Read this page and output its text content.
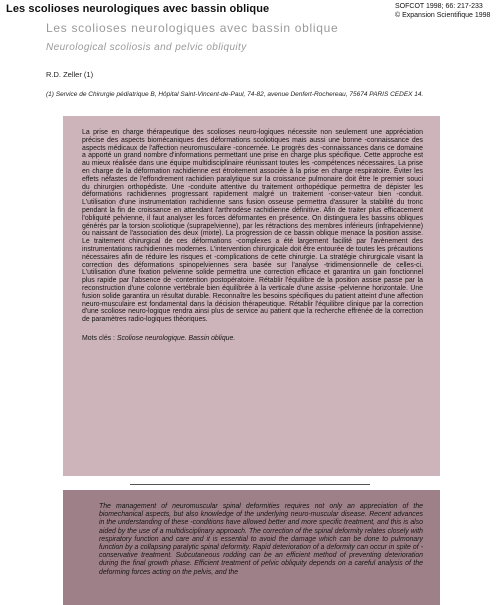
Les scolioses neurologiques avec bassin oblique	SOFCOT 1998; 66: 217-233
© Expansion Scientifique 1998
Les scolioses neurologiques avec bassin oblique
Neurological scoliosis and pelvic obliquity
R.D. Zeller (1)
(1) Service de Chirurgie pédiatrique B, Hôpital Saint-Vincent-de-Paul, 74-82, avenue Denfert-Rochereau, 75674 PARIS CEDEX 14.

La prise en charge thérapeutique des scolioses neuro-logiques nécessite non seulement une appréciation précise des aspects biomécaniques des déformations scoliotiques mais aussi une bonne -connaissance des aspects médicaux de l'affection neuromusculaire -concernée. Le progrès des -connaissances dans ce domaine a apporté un grand nombre d'informations permettant une prise en charge plus spécifique. Cette approche est au mieux réalisée dans une équipe multidisciplinaire réunissant toutes les -compétences nécessaires. La prise en charge de la déformation rachidienne est étroitement associée à la prise en charge respiratoire. Éviter les effets néfastes de l'effondrement rachidien paralytique sur la croissance pulmonaire doit être le premier souci du chirurgien orthopédiste. Une -conduite attentive du traitement orthopédique permettra de dépister les déformations rachidiennes progressant rapidement malgré un traitement -conser-vateur bien -conduit. L'utilisation d'une instrumentation rachidienne sans fusion osseuse permettra d'assurer la stabilité du tronc pendant la fin de croissance en attendant l'arthrodèse rachidienne définitive. Afin de traiter plus efficacement l'obliquité pelvienne, il faut analyser les forces déformantes en présence. On distinguera les bassins obliques générés par la torsion scoliotique (suprapelvienne), par les rétractions des membres inférieurs (infrapelvienne) ou naissant de l'association des deux (mixte). La progression de ce bassin oblique menace la position assise. Le traitement chirurgical de ces déformations -complexes a été largement facilité par l'avènement des instrumentations rachidiennes modernes. L'intervention chirurgicale doit être entourée de toutes les précautions nécessaires afin de réduire les risques et -complications de cette chirurgie. La stratégie chirurgicale visant la correction des déformations spinopelviennes sera basée sur l'analyse -tridimensionnelle de celles-ci. L'utilisation d'une fixation pelvienne solide permettra une correction efficace et garantira un gain fonctionnel plus rapide par l'absence de -contention postopératoire. Rétablir l'équilibre de la position assise passe par la reconstruction d'une colonne vertébrale bien équilibrée à la verticale d'une assise -pelvienne horizontale. Une fusion solide garantira un résultat durable. Reconnaître les besoins spécifiques du patient atteint d'une affection neuro-musculaire est fondamental dans la décision thérapeutique. Rétablir l'équilibre clinique par la correction d'une scoliose neuro-logique rendra ainsi plus de service au patient que la recherche effrénée de la correction de paramètres radio-logiques théoriques.

Mots clés : Scoliose neurologique. Bassin oblique.

The management of neuromuscular spinal deformities requires not only an appreciation of the biomechanical aspects, but also knowledge of the underlying neuro-muscular disease. Recent advances in the understanding of these -conditions have allowed better and more specific treatment, and this is also aided by the use of a multidisciplinary approach. The correction of the spinal deformity relates closely with respiratory function and care and it is essential to avoid the damage which can be done to pulmonary function by a collapsing paralytic spinal deformity. Rapid deterioration of a deformity can occur in spite of -conservative treatment. Subcutaneous rodding can be an efficient method of preventing deterioration during the final growth phase. Efficient treatment of pelvic obliquity depends on a careful analysis of the deforming forces acting on the pelvis, and the
